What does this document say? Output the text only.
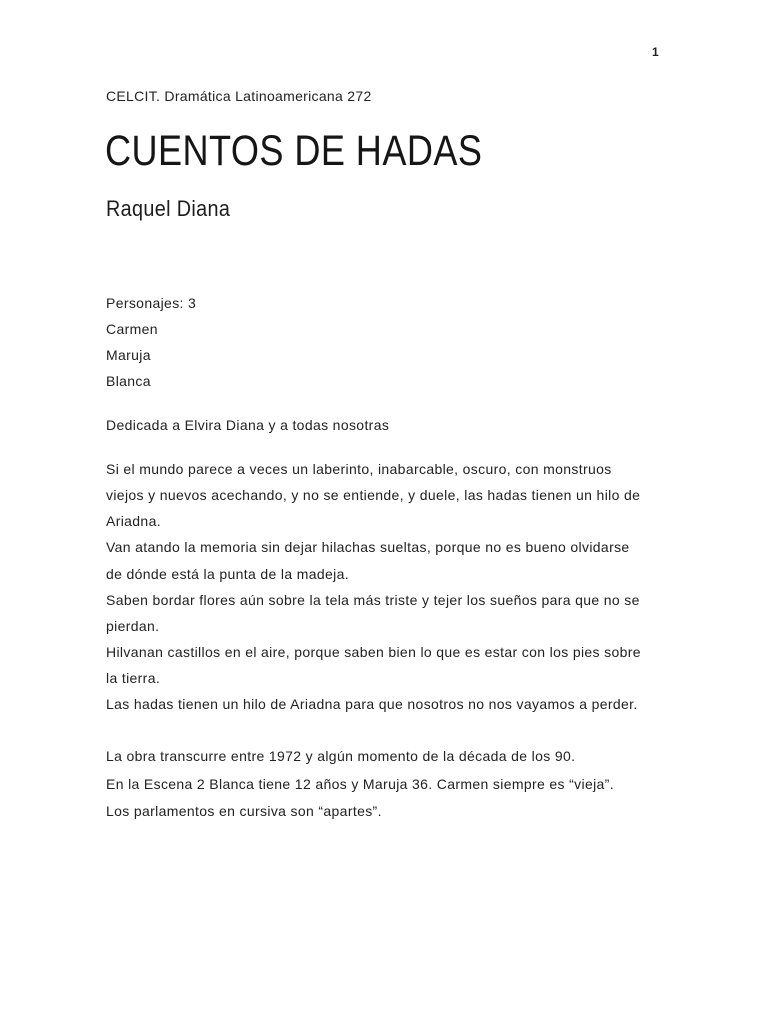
1
CELCIT. Dramática Latinoamericana 272
CUENTOS DE HADAS
Raquel Diana
Personajes: 3
Carmen
Maruja
Blanca
Dedicada a Elvira Diana y a todas nosotras
Si el mundo parece a veces un laberinto, inabarcable, oscuro, con monstruos
viejos y nuevos acechando, y no se entiende, y duele, las hadas tienen un hilo de
Ariadna.
Van atando la memoria sin dejar hilachas sueltas, porque no es bueno olvidarse
de dónde está la punta de la madeja.
Saben bordar flores aún sobre la tela más triste y tejer los sueños para que no se
pierdan.
Hilvanan castillos en el aire, porque saben bien lo que es estar con los pies sobre
la tierra.
Las hadas tienen un hilo de Ariadna para que nosotros no nos vayamos a perder.
La obra transcurre entre 1972 y algún momento de la década de los 90.
En la Escena 2 Blanca tiene 12 años y Maruja 36. Carmen siempre es “vieja”.
Los parlamentos en cursiva son “apartes”.
